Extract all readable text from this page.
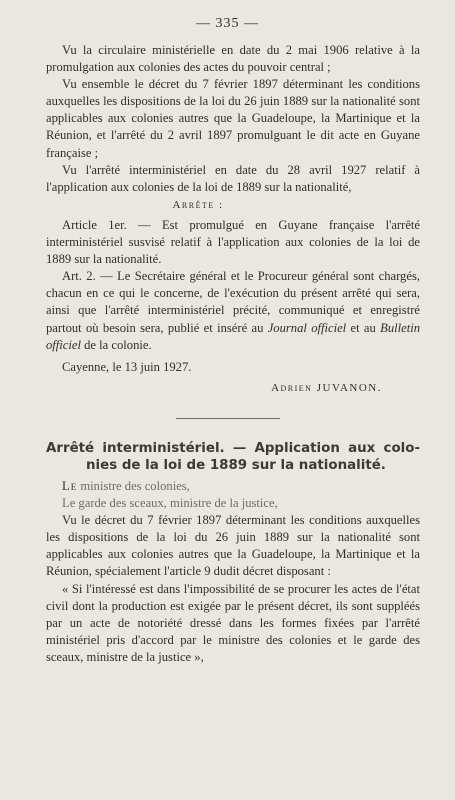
— 335 —

Vu la circulaire ministérielle en date du 2 mai 1906 relative à la promulgation aux colonies des actes du pouvoir central ;

Vu ensemble le décret du 7 février 1897 déterminant les conditions auxquelles les dispositions de la loi du 26 juin 1889 sur la nationalité sont applicables aux colonies autres que la Guadeloupe, la Martinique et la Réunion, et l'arrêté du 2 avril 1897 promulguant le dit acte en Guyane française ;

Vu l'arrêté interministériel en date du 28 avril 1927 relatif à l'application aux colonies de la loi de 1889 sur la nationalité,

Arrête :

Article 1er. — Est promulgué en Guyane française l'arrêté interministériel susvisé relatif à l'application aux colonies de la loi de 1889 sur la nationalité.

Art. 2. — Le Secrétaire général et le Procureur général sont chargés, chacun en ce qui le concerne, de l'exécution du présent arrêté qui sera, ainsi que l'arrêté interministériel précité, communiqué et enregistré partout où besoin sera, publié et inséré au Journal officiel et au Bulletin officiel de la colonie.

Cayenne, le 13 juin 1927.

Adrien JUVANON.

Arrêté interministériel. — Application aux colo-
nies de la loi de 1889 sur la nationalité.

Le ministre des colonies,

Le garde des sceaux, ministre de la justice,

Vu le décret du 7 février 1897 déterminant les conditions auxquelles les dispositions de la loi du 26 juin 1889 sur la nationalité sont applicables aux colonies autres que la Guadeloupe, la Martinique et la Réunion, spécialement l'article 9 dudit décret disposant :

« Si l'intéressé est dans l'impossibilité de se procurer les actes de l'état civil dont la production est exigée par le présent décret, ils sont suppléés par un acte de notoriété dressé dans les formes fixées par l'arrêté ministériel pris d'accord par le ministre des colonies et le garde des sceaux, ministre de la justice »,
